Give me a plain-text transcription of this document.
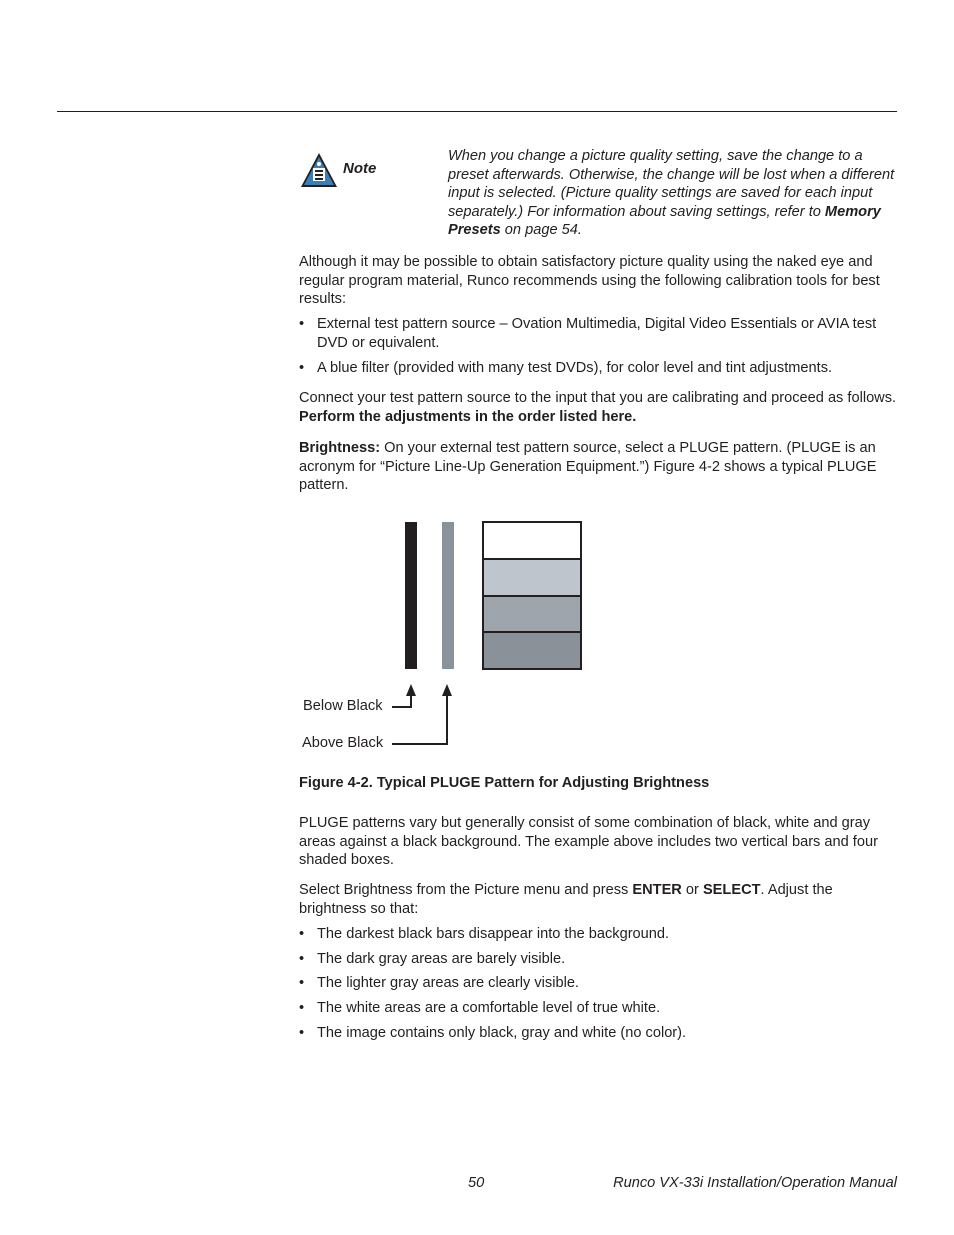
Note
When you change a picture quality setting, save the change to a preset afterwards. Otherwise, the change will be lost when a different input is selected. (Picture quality settings are saved for each input separately.) For information about saving settings, refer to Memory Presets on page 54.
Although it may be possible to obtain satisfactory picture quality using the naked eye and regular program material, Runco recommends using the following calibration tools for best results:
• External test pattern source – Ovation Multimedia, Digital Video Essentials or AVIA test DVD or equivalent.
• A blue filter (provided with many test DVDs), for color level and tint adjustments.
Connect your test pattern source to the input that you are calibrating and proceed as follows. Perform the adjustments in the order listed here.
Brightness: On your external test pattern source, select a PLUGE pattern. (PLUGE is an acronym for “Picture Line-Up Generation Equipment.”) Figure 4-2 shows a typical PLUGE pattern.
Below Black
Above Black
Figure 4-2. Typical PLUGE Pattern for Adjusting Brightness
PLUGE patterns vary but generally consist of some combination of black, white and gray areas against a black background. The example above includes two vertical bars and four shaded boxes.
Select Brightness from the Picture menu and press ENTER or SELECT. Adjust the brightness so that:
• The darkest black bars disappear into the background.
• The dark gray areas are barely visible.
• The lighter gray areas are clearly visible.
• The white areas are a comfortable level of true white.
• The image contains only black, gray and white (no color).
50	Runco VX-33i Installation/Operation Manual
